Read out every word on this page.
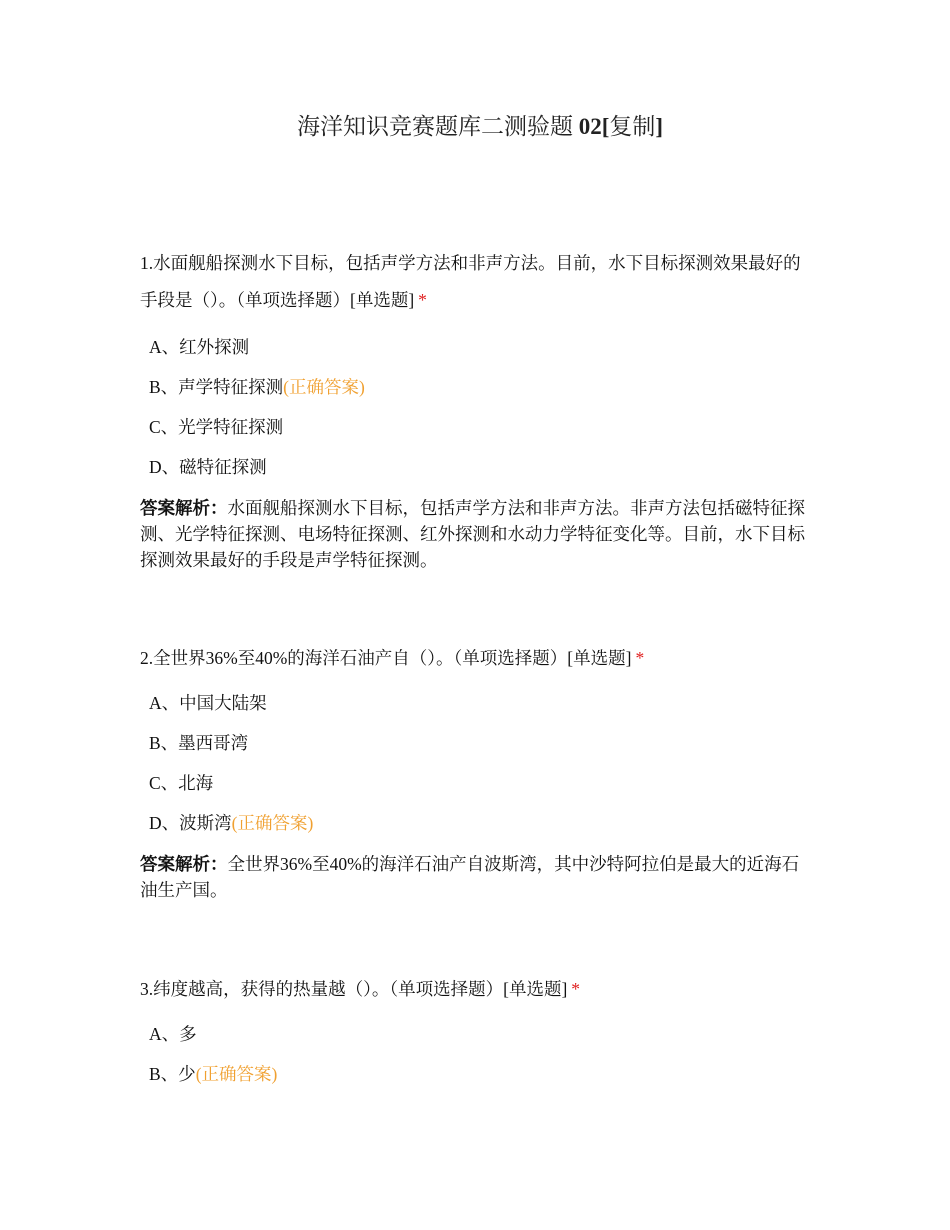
海洋知识竞赛题库二测验题 02[复制]

1.水面舰船探测水下目标，包括声学方法和非声方法。目前，水下目标探测效果最好的手段是（）。（单项选择题）[单选题] *

A、红外探测
B、声学特征探测(正确答案)
C、光学特征探测
D、磁特征探测
答案解析：水面舰船探测水下目标，包括声学方法和非声方法。非声方法包括磁特征探测、光学特征探测、电场特征探测、红外探测和水动力学特征变化等。目前，水下目标探测效果最好的手段是声学特征探测。

2.全世界36%至40%的海洋石油产自（）。（单项选择题）[单选题] *

A、中国大陆架
B、墨西哥湾
C、北海
D、波斯湾(正确答案)
答案解析：全世界36%至40%的海洋石油产自波斯湾，其中沙特阿拉伯是最大的近海石油生产国。

3.纬度越高，获得的热量越（）。（单项选择题）[单选题] *

A、多
B、少(正确答案)
